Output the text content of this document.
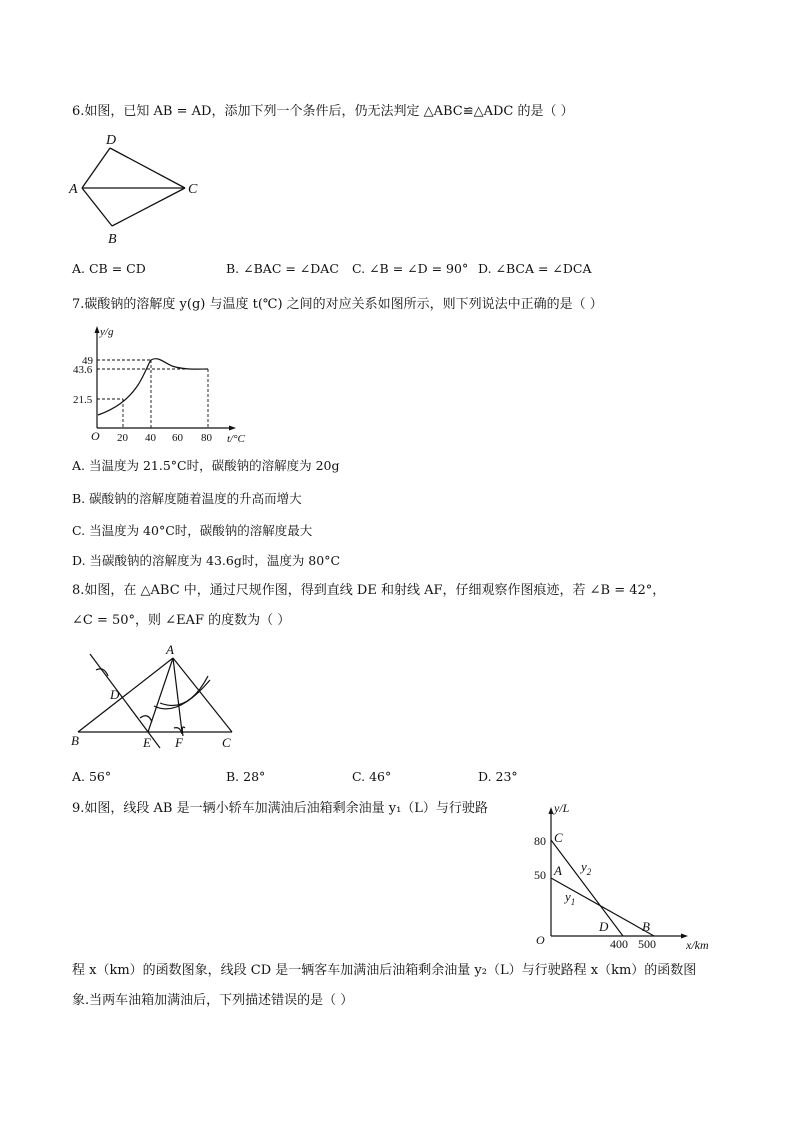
6.如图，已知 AB = AD，添加下列一个条件后，仍无法判定 △ABC≌△ADC 的是（ ）
D
A	C
B
A. CB = CD	B. ∠BAC = ∠DAC C. ∠B = ∠D = 90° D. ∠BCA = ∠DCA
7.碳酸钠的溶解度 y(g) 与温度 t(℃) 之间的对应关系如图所示，则下列说法中正确的是（ ）
y/g
49
43.6
21.5
O 20 40 60 80 t/°C
A. 当温度为 21.5°C时，碳酸钠的溶解度为 20g
B. 碳酸钠的溶解度随着温度的升高而增大
C. 当温度为 40°C时，碳酸钠的溶解度最大
D. 当碳酸钠的溶解度为 43.6g时，温度为 80°C
8.如图，在 △ABC 中，通过尺规作图，得到直线 DE 和射线 AF，仔细观察作图痕迹，若 ∠B = 42°，
∠C = 50°，则 ∠EAF 的度数为（ ）
A
D
B	E F	C
A. 56°	B. 28°	C. 46°	D. 23°
9.如图，线段 AB 是一辆小轿车加满油后油箱剩余油量 y₁（L）与行驶路	y/L
80
50
C
A $y_2$
$y_1$
D	B
O	400 500	x/km
程 x（km）的函数图象，线段 CD 是一辆客车加满油后油箱剩余油量 y₂（L）与行驶路程 x（km）的函数图
象.当两车油箱加满油后，下列描述错误的是（ ）
